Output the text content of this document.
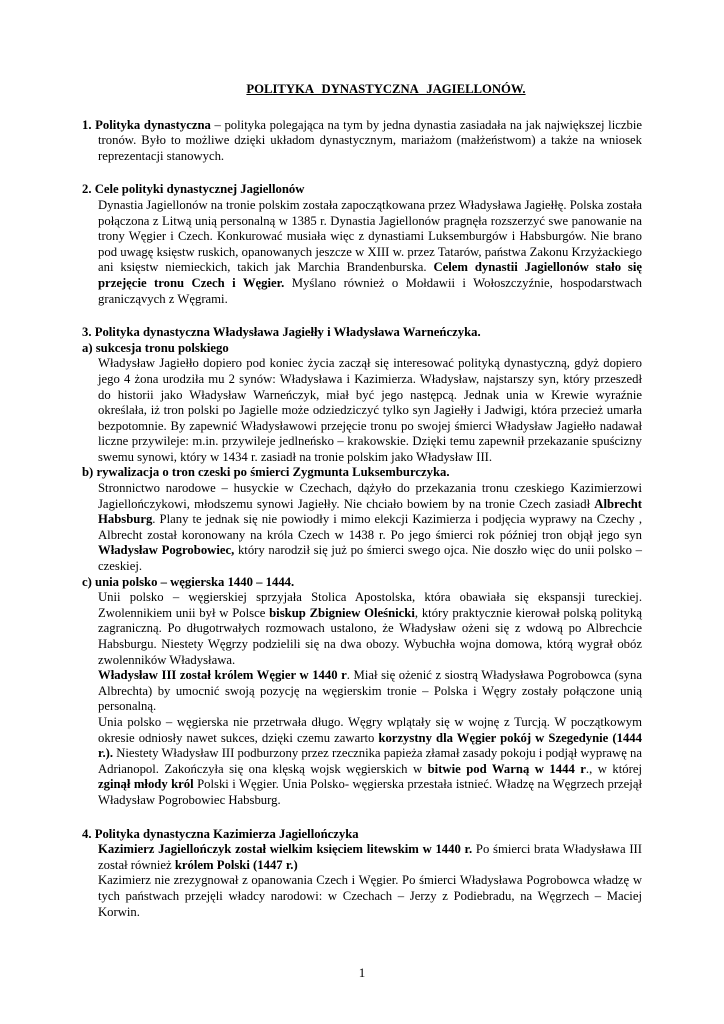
POLITYKA DYNASTYCZNA JAGIELLONÓW.
1. Polityka dynastyczna – polityka polegająca na tym by jedna dynastia zasiadała na jak największej liczbie tronów. Było to możliwe dzięki układom dynastycznym, mariażom (małżeństwom) a także na wniosek reprezentacji stanowych.
2. Cele polityki dynastycznej Jagiellonów
Dynastia Jagiellonów na tronie polskim została zapoczątkowana przez Władysława Jagiełłę. Polska została połączona z Litwą unią personalną w 1385 r. Dynastia Jagiellonów pragnęła rozszerzyć swe panowanie na trony Węgier i Czech. Konkurować musiała więc z dynastiami Luksemburgów i Habsburgów. Nie brano pod uwagę księstw ruskich, opanowanych jeszcze w XIII w. przez Tatarów, państwa Zakonu Krzyżackiego ani księstw niemieckich, takich jak Marchia Brandenburska. Celem dynastii Jagiellonów stało się przejęcie tronu Czech i Węgier. Myślano również o Mołdawii i Wołoszczyźnie, hospodarstwach granicząvych z Węgrami.
3. Polityka dynastyczna Władysława Jagiełły i Władysława Warneńczyka.
a) sukcesja tronu polskiego
Władysław Jagiełło dopiero pod koniec życia zaczął się interesować polityką dynastyczną, gdyż dopiero jego 4 żona urodziła mu 2 synów: Władysława i Kazimierza. Władysław, najstarszy syn, który przeszedł do historii jako Władysław Warneńczyk, miał być jego następcą. Jednak unia w Krewie wyraźnie określała, iż tron polski po Jagielle może odziedziczyć tylko syn Jagiełły i Jadwigi, która przecież umarła bezpotomnie. By zapewnić Władysławowi przejęcie tronu po swojej śmierci Władysław Jagiełło nadawał liczne przywileje: m.in. przywileje jedlneńsko – krakowskie. Dzięki temu zapewnił przekazanie spuścizny swemu synowi, który w 1434 r. zasiadł na tronie polskim jako Władysław III.
b) rywalizacja o tron czeski po śmierci Zygmunta Luksemburczyka.
Stronnictwo narodowe – husyckie w Czechach, dążyło do przekazania tronu czeskiego Kazimierzowi Jagiellończykowi, młodszemu synowi Jagiełły. Nie chciało bowiem by na tronie Czech zasiadł Albrecht Habsburg. Plany te jednak się nie powiodły i mimo elekcji Kazimierza i podjęcia wyprawy na Czechy , Albrecht został koronowany na króla Czech w 1438 r. Po jego śmierci rok później tron objął jego syn Władysław Pogrobowiec, który narodził się już po śmierci swego ojca. Nie doszło więc do unii polsko – czeskiej.
c) unia polsko – węgierska 1440 – 1444.

Unii polsko – węgierskiej sprzyjała Stolica Apostolska, która obawiała się ekspansji tureckiej. Zwolennikiem unii był w Polsce biskup Zbigniew Oleśnicki, który praktycznie kierował polską polityką zagraniczną. Po długotrwałych rozmowach ustalono, że Władysław ożeni się z wdową po Albrechcie Habsburgu. Niestety Węgrzy podzielili się na dwa obozy. Wybuchła wojna domowa, którą wygrał obóz zwolenników Władysława.

Władysław III został królem Węgier w 1440 r. Miał się ożenić z siostrą Władysława Pogrobowca (syna Albrechta) by umocnić swoją pozycję na węgierskim tronie – Polska i Węgry zostały połączone unią personalną.

Unia polsko – węgierska nie przetrwała długo. Węgry wplątały się w wojnę z Turcją. W początkowym okresie odniosły nawet sukces, dzięki czemu zawarto korzystny dla Węgier pokój w Szegedynie (1444 r.). Niestety Władysław III podburzony przez rzecznika papieża złamał zasady pokoju i podjął wyprawę na Adrianopol. Zakończyła się ona klęską wojsk węgierskich w bitwie pod Warną w 1444 r., w której zginął młody król Polski i Węgier. Unia Polsko- węgierska przestała istnieć. Władzę na Węgrzech przejął Władysław Pogrobowiec Habsburg.

4. Polityka dynastyczna Kazimierza Jagiellończyka

Kazimierz Jagiellończyk został wielkim księciem litewskim w 1440 r. Po śmierci brata Władysława III został również królem Polski (1447 r.)

Kazimierz nie zrezygnował z opanowania Czech i Węgier. Po śmierci Władysława Pogrobowca władzę w tych państwach przejęli władcy narodowi: w Czechach – Jerzy z Podiebradu, na Węgrzech – Maciej Korwin.

1
